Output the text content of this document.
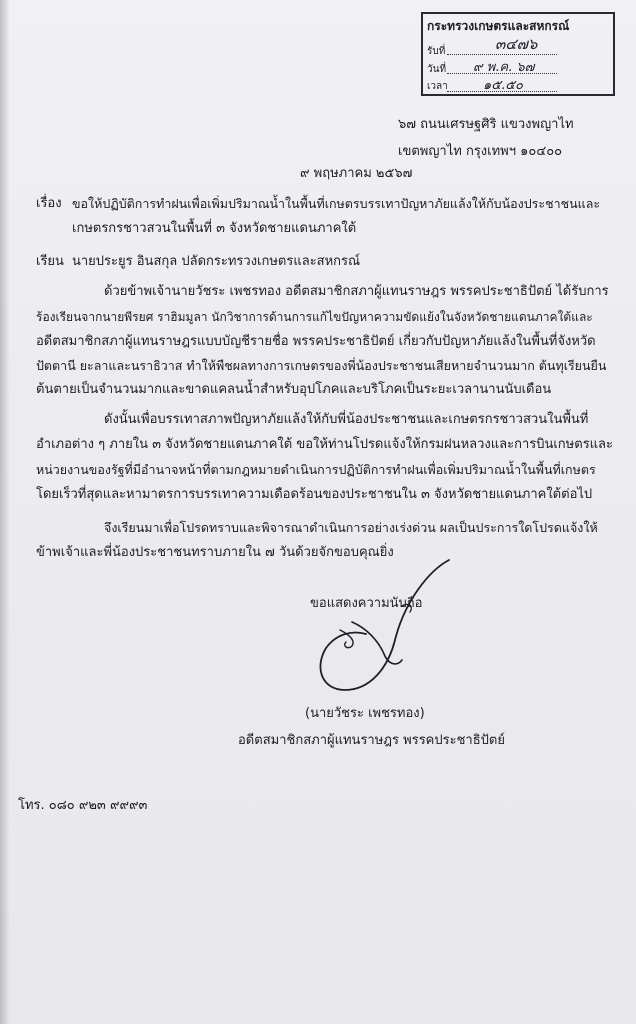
กระทรวงเกษตรและสหกรณ์
๓๔๗๖
รับที่
วันที่ ๙ พ.ค. ๖๗
เวลา	๑๕.๕๐
๖๗ ถนนเศรษฐศิริ แขวงพญาไท
เขตพญาไท กรุงเทพฯ ๑๐๔๐๐
๙ พฤษภาคม ๒๕๖๗
เรื่อง ขอให้ปฏิบัติการทำฝนเพื่อเพิ่มปริมาณน้ำในพื้นที่เกษตรบรรเทาปัญหาภัยแล้งให้กับน้องประชาชนและ
เกษตรกรชาวสวนในพื้นที่ ๓ จังหวัดชายแดนภาคใต้
เรียน นายประยูร อินสกุล ปลัดกระทรวงเกษตรและสหกรณ์
ด้วยข้าพเจ้านายวัชระ เพชรทอง อดีตสมาชิกสภาผู้แทนราษฎร พรรคประชาธิปัตย์ ได้รับการ
ร้องเรียนจากนายพีรยศ ราฮิมมูลา นักวิชาการด้านการแก้ไขปัญหาความขัดแย้งในจังหวัดชายแดนภาคใต้และ
อดีตสมาชิกสภาผู้แทนราษฎรแบบบัญชีรายชื่อ พรรคประชาธิปัตย์ เกี่ยวกับปัญหาภัยแล้งในพื้นที่จังหวัด
ปัตตานี ยะลาและนราธิวาส ทำให้พืชผลทางการเกษตรของพี่น้องประชาชนเสียหายจำนวนมาก ต้นทุเรียนยืน
ต้นตายเป็นจำนวนมากและขาดแคลนน้ำสำหรับอุปโภคและบริโภคเป็นระยะเวลานานนับเดือน
ดังนั้นเพื่อบรรเทาสภาพปัญหาภัยแล้งให้กับพี่น้องประชาชนและเกษตรกรชาวสวนในพื้นที่
อำเภอต่าง ๆ ภายใน ๓ จังหวัดชายแดนภาคใต้ ขอให้ท่านโปรดแจ้งให้กรมฝนหลวงและการบินเกษตรและ
หน่วยงานของรัฐที่มีอำนาจหน้าที่ตามกฎหมายดำเนินการปฏิบัติการทำฝนเพื่อเพิ่มปริมาณน้ำในพื้นที่เกษตร
โดยเร็วที่สุดและหามาตรการบรรเทาความเดือดร้อนของประชาชนใน ๓ จังหวัดชายแดนภาคใต้ต่อไป
จึงเรียนมาเพื่อโปรดทราบและพิจารณาดำเนินการอย่างเร่งด่วน ผลเป็นประการใดโปรดแจ้งให้
ข้าพเจ้าและพี่น้องประชาชนทราบภายใน ๗ วันด้วยจักขอบคุณยิ่ง
ขอแสดงความนับถือ
(นายวัชระ เพชรทอง)
อดีตสมาชิกสภาผู้แทนราษฎร พรรคประชาธิปัตย์
โทร. ๐๘๐ ๙๒๓ ๙๙๙๓
